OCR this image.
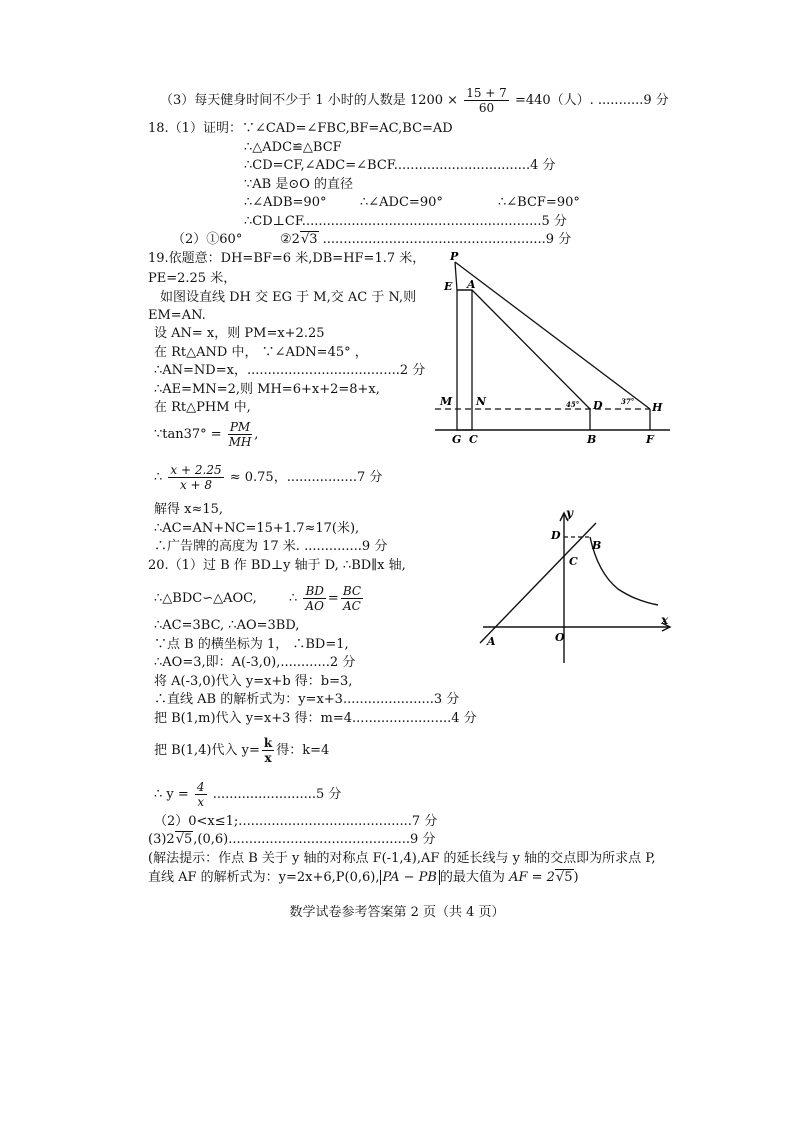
（3）每天健身时间不少于 1 小时的人数是 $1200 \times \frac{15 + 7}{60} =440$（人）. ...........9 分
18.（1）证明：∵∠CAD=∠FBC,BF=AC,BC=AD
∴△ADC≌△BCF
∴CD=CF,∠ADC=∠BCF.................................4 分
∵AB 是⊙O 的直径
∴∠ADB=90°	∴∠ADC=90°	∴∠BCF=90°
∴CD⊥CF..........................................................5 分
（2）①60°	②2√3 ......................................................9 分
19.依题意：DH=BF=6 米,DB=HF=1.7 米，
PE=2.25 米，
如图设直线 DH 交 EG 于 M,交 AC 于 N,则
EM=AN.
设 AN= x，则 PM=x+2.25
在 Rt△AND 中， ∵∠ADN=45° ，
∴AN=ND=x，.....................................2 分
∴AE=MN=2,则 MH=6+x+2=8+x,
在 Rt△PHM 中,
∵tan37° = $\frac{PM}{MH}$ ,
∴ $\frac{x + 2.25}{x + 8} \approx 0.75$，.................7 分
解得 x≈15,
∴AC=AN+NC=15+1.7≈17(米),
∴广告牌的高度为 17 米. ..............9 分
20.（1）过 B 作 BD⊥y 轴于 D, ∴BD∥x 轴,
∴△BDC∽△AOC, ∴ $\frac{BD}{AO} = \frac{BC}{AC}$
∴AC=3BC, ∴AO=3BD,
∵点 B 的横坐标为 1， ∴BD=1,
∴AO=3,即：A(-3,0),............2 分
将 A(-3,0)代入 y=x+b 得：b=3,
∴直线 AB 的解析式为：y=x+3......................3 分
把 B(1,m)代入 y=x+3 得：m=4........................4 分
把 B(1,4)代入 $y= \frac{k}{x}$ 得：k=4
∴ $y = \frac{4}{x} .........................5$ 分
（2）0<x≤1;..........................................7 分
(3)2√5,(0,6)............................................9 分
(解法提示：作点 B 关于 y 轴的对称点 F(-1,4),AF 的延长线与 y 轴的交点即为所求点 P,
直线 AF 的解析式为：y=2x+6,P(0,6), PA − PB 的最大值为 AF = 2√5)
P
E A
M N	D	H
G C	B	F
45°	37°
y
x
D
B
C
A	O
数学试卷参考答案第 2 页（共 4 页）
